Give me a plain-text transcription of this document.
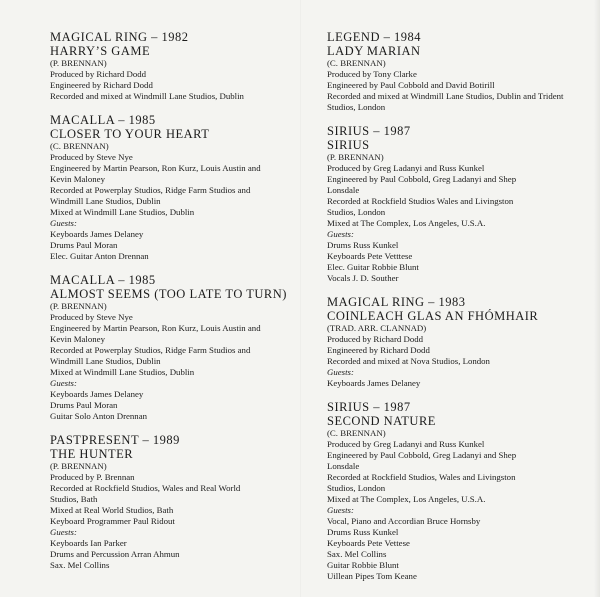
MAGICAL RING – 1982
HARRY’S GAME
(P. BRENNAN)
Produced by Richard Dodd
Engineered by Richard Dodd
Recorded and mixed at Windmill Lane Studios, Dublin
MACALLA – 1985
CLOSER TO YOUR HEART
(C. BRENNAN)
Produced by Steve Nye
Engineered by Martin Pearson, Ron Kurz, Louis Austin and
Kevin Maloney
Recorded at Powerplay Studios, Ridge Farm Studios and
Windmill Lane Studios, Dublin
Mixed at Windmill Lane Studios, Dublin
Guests:
Keyboards James Delaney
Drums Paul Moran
Elec. Guitar Anton Drennan
MACALLA – 1985
ALMOST SEEMS (TOO LATE TO TURN)
(P. BRENNAN)
Produced by Steve Nye
Engineered by Martin Pearson, Ron Kurz, Louis Austin and
Kevin Maloney
Recorded at Powerplay Studios, Ridge Farm Studios and
Windmill Lane Studios, Dublin
Mixed at Windmill Lane Studios, Dublin
Guests:
Keyboards James Delaney
Drums Paul Moran
Guitar Solo Anton Drennan
PASTPRESENT – 1989
THE HUNTER
(P. BRENNAN)
Produced by P. Brennan
Recorded at Rockfield Studios, Wales and Real World
Studios, Bath
Mixed at Real World Studios, Bath
Keyboard Programmer Paul Ridout
Guests:
Keyboards Ian Parker
Drums and Percussion Arran Ahmun
Sax. Mel Collins
LEGEND – 1984
LADY MARIAN
(C. BRENNAN)
Produced by Tony Clarke
Engineered by Paul Cobbold and David Botirill
Recorded and mixed at Windmill Lane Studios, Dublin and Trident
Studios, London
SIRIUS – 1987
SIRIUS
(P. BRENNAN)
Produced by Greg Ladanyi and Russ Kunkel
Engineered by Paul Cobbold, Greg Ladanyi and Shep
Lonsdale
Recorded at Rockfield Studios Wales and Livingston
Studios, London
Mixed at The Complex, Los Angeles, U.S.A.
Guests:
Drums Russ Kunkel
Keyboards Pete Vetttese
Elec. Guitar Robbie Blunt
Vocals J. D. Souther
MAGICAL RING – 1983
COINLEACH GLAS AN FHÓMHAIR
(TRAD. ARR. CLANNAD)
Produced by Richard Dodd
Engineered by Richard Dodd
Recorded and mixed at Nova Studios, London
Guests:
Keyboards James Delaney
SIRIUS – 1987
SECOND NATURE
(C. BRENNAN)
Produced by Greg Ladanyi and Russ Kunkel
Engineered by Paul Cobbold, Greg Ladanyi and Shep
Lonsdale
Recorded at Rockfield Studios, Wales and Livingston
Studios, London
Mixed at The Complex, Los Angeles, U.S.A.
Guests:
Vocal, Piano and Accordian Bruce Hornsby
Drums Russ Kunkel
Keyboards Pete Vettese
Sax. Mel Collins
Guitar Robbie Blunt
Uillean Pipes Tom Keane
